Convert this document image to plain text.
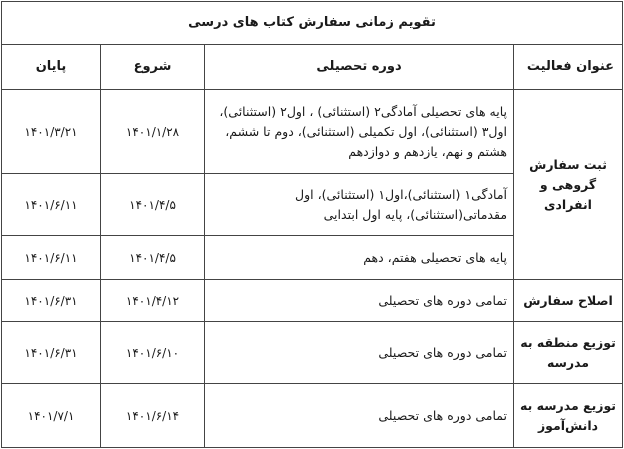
تقویم زمانی سفارش کتاب های درسی			
عنوان فعالیت	دوره تحصیلی	شروع	پایان
ثبت سفارش گروهی و انفرادی	پایه های تحصیلی آمادگی۲ (استثنائی) ، اول۲ (استثنائی)، اول۳ (استثنائی)، اول تکمیلی (استثنائی)، دوم تا ششم، هشتم و نهم، یازدهم و دوازدهم	۱۴۰۱/۱/۲۸	۱۴۰۱/۳/۲۱
	آمادگی۱ (استثنائی)،اول۱ (استثنائی)، اول مقدماتی(استثنائی)، پایه اول ابتدایی	۱۴۰۱/۴/۵	۱۴۰۱/۶/۱۱
	پایه های تحصیلی هفتم، دهم	۱۴۰۱/۴/۵	۱۴۰۱/۶/۱۱
اصلاح سفارش	تمامی دوره های تحصیلی	۱۴۰۱/۴/۱۲	۱۴۰۱/۶/۳۱
توزیع منطقه به مدرسه	تمامی دوره های تحصیلی	۱۴۰۱/۶/۱۰	۱۴۰۱/۶/۳۱
توزیع مدرسه به دانش‌آموز	تمامی دوره های تحصیلی	۱۴۰۱/۶/۱۴	۱۴۰۱/۷/۱
